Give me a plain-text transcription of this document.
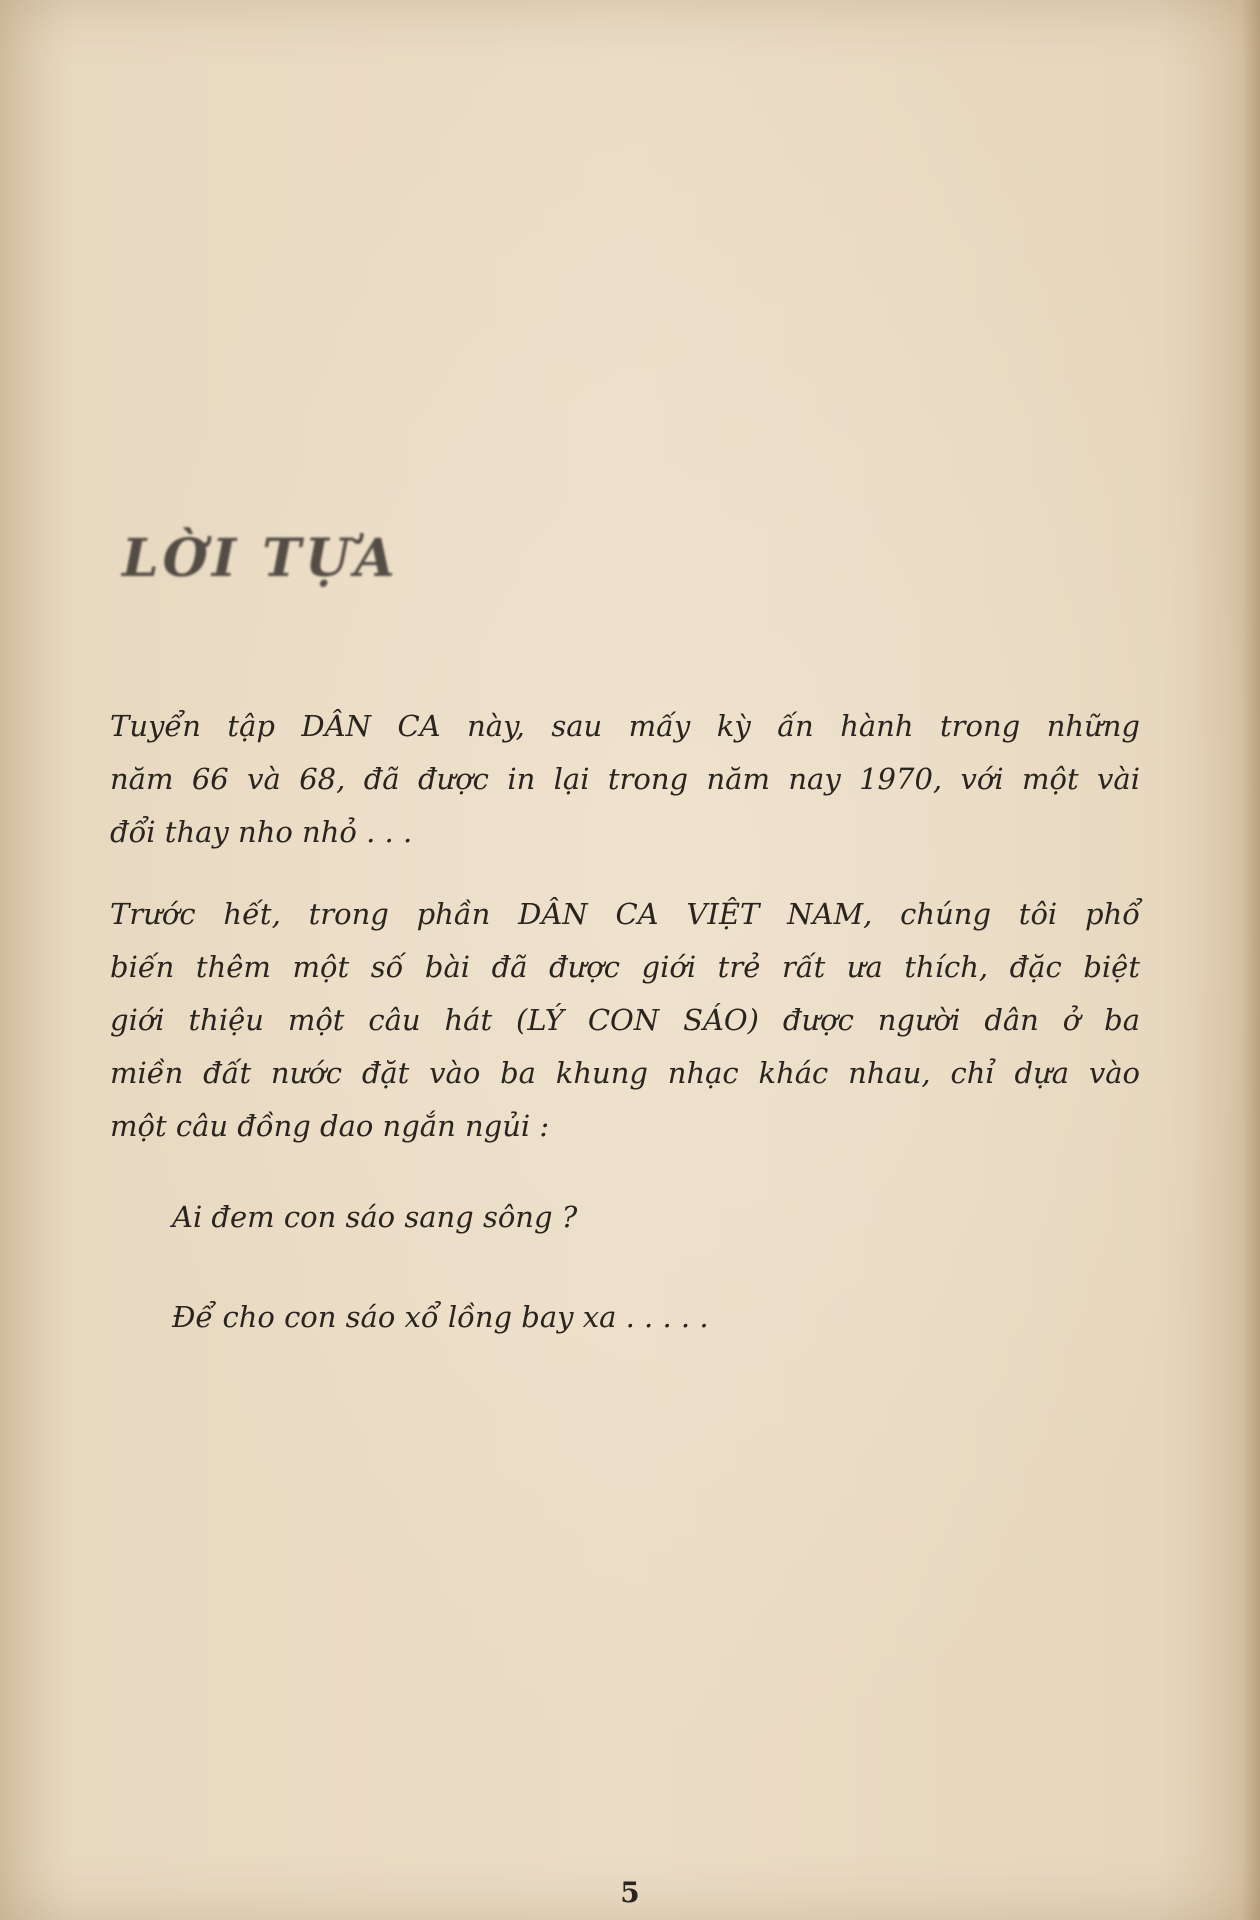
LỜI TỰA

Tuyển tập DÂN CA này, sau mấy kỳ ấn hành trong những
năm 66 và 68, đã được in lại trong năm nay 1970, với một vài
đổi thay nho nhỏ . . .

Trước hết, trong phần DÂN CA VIỆT NAM, chúng tôi phổ
biến thêm một số bài đã được giới trẻ rất ưa thích, đặc biệt
giới thiệu một câu hát (LÝ CON SÁO) được người dân ở ba
miền đất nước đặt vào ba khung nhạc khác nhau, chỉ dựa vào
một câu đồng dao ngắn ngủi :

Ai đem con sáo sang sông ?

Để cho con sáo xổ lồng bay xa . . . . .

5
